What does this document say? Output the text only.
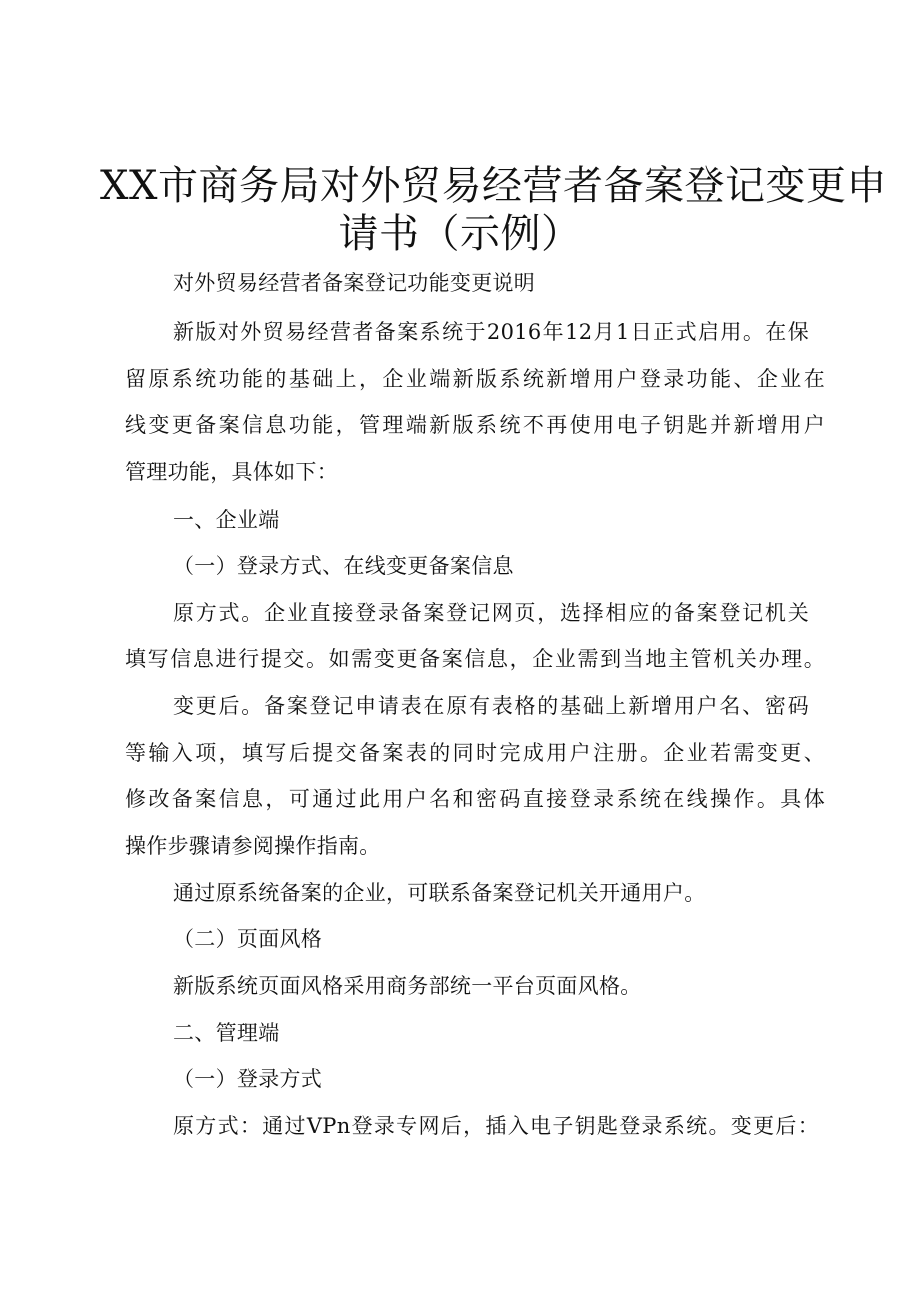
XX市商务局对外贸易经营者备案登记变更申
请书（示例）
对外贸易经营者备案登记功能变更说明
新版对外贸易经营者备案系统于2016年12月1日正式启用。在保
留原系统功能的基础上，企业端新版系统新增用户登录功能、企业在
线变更备案信息功能，管理端新版系统不再使用电子钥匙并新增用户
管理功能，具体如下：
一、企业端
（一）登录方式、在线变更备案信息
原方式。企业直接登录备案登记网页，选择相应的备案登记机关
填写信息进行提交。如需变更备案信息，企业需到当地主管机关办理。
变更后。备案登记申请表在原有表格的基础上新增用户名、密码
等输入项，填写后提交备案表的同时完成用户注册。企业若需变更、
修改备案信息，可通过此用户名和密码直接登录系统在线操作。具体
操作步骤请参阅操作指南。
通过原系统备案的企业，可联系备案登记机关开通用户。
（二）页面风格
新版系统页面风格采用商务部统一平台页面风格。
二、管理端
（一）登录方式
原方式：通过VPn登录专网后，插入电子钥匙登录系统。变更后：
